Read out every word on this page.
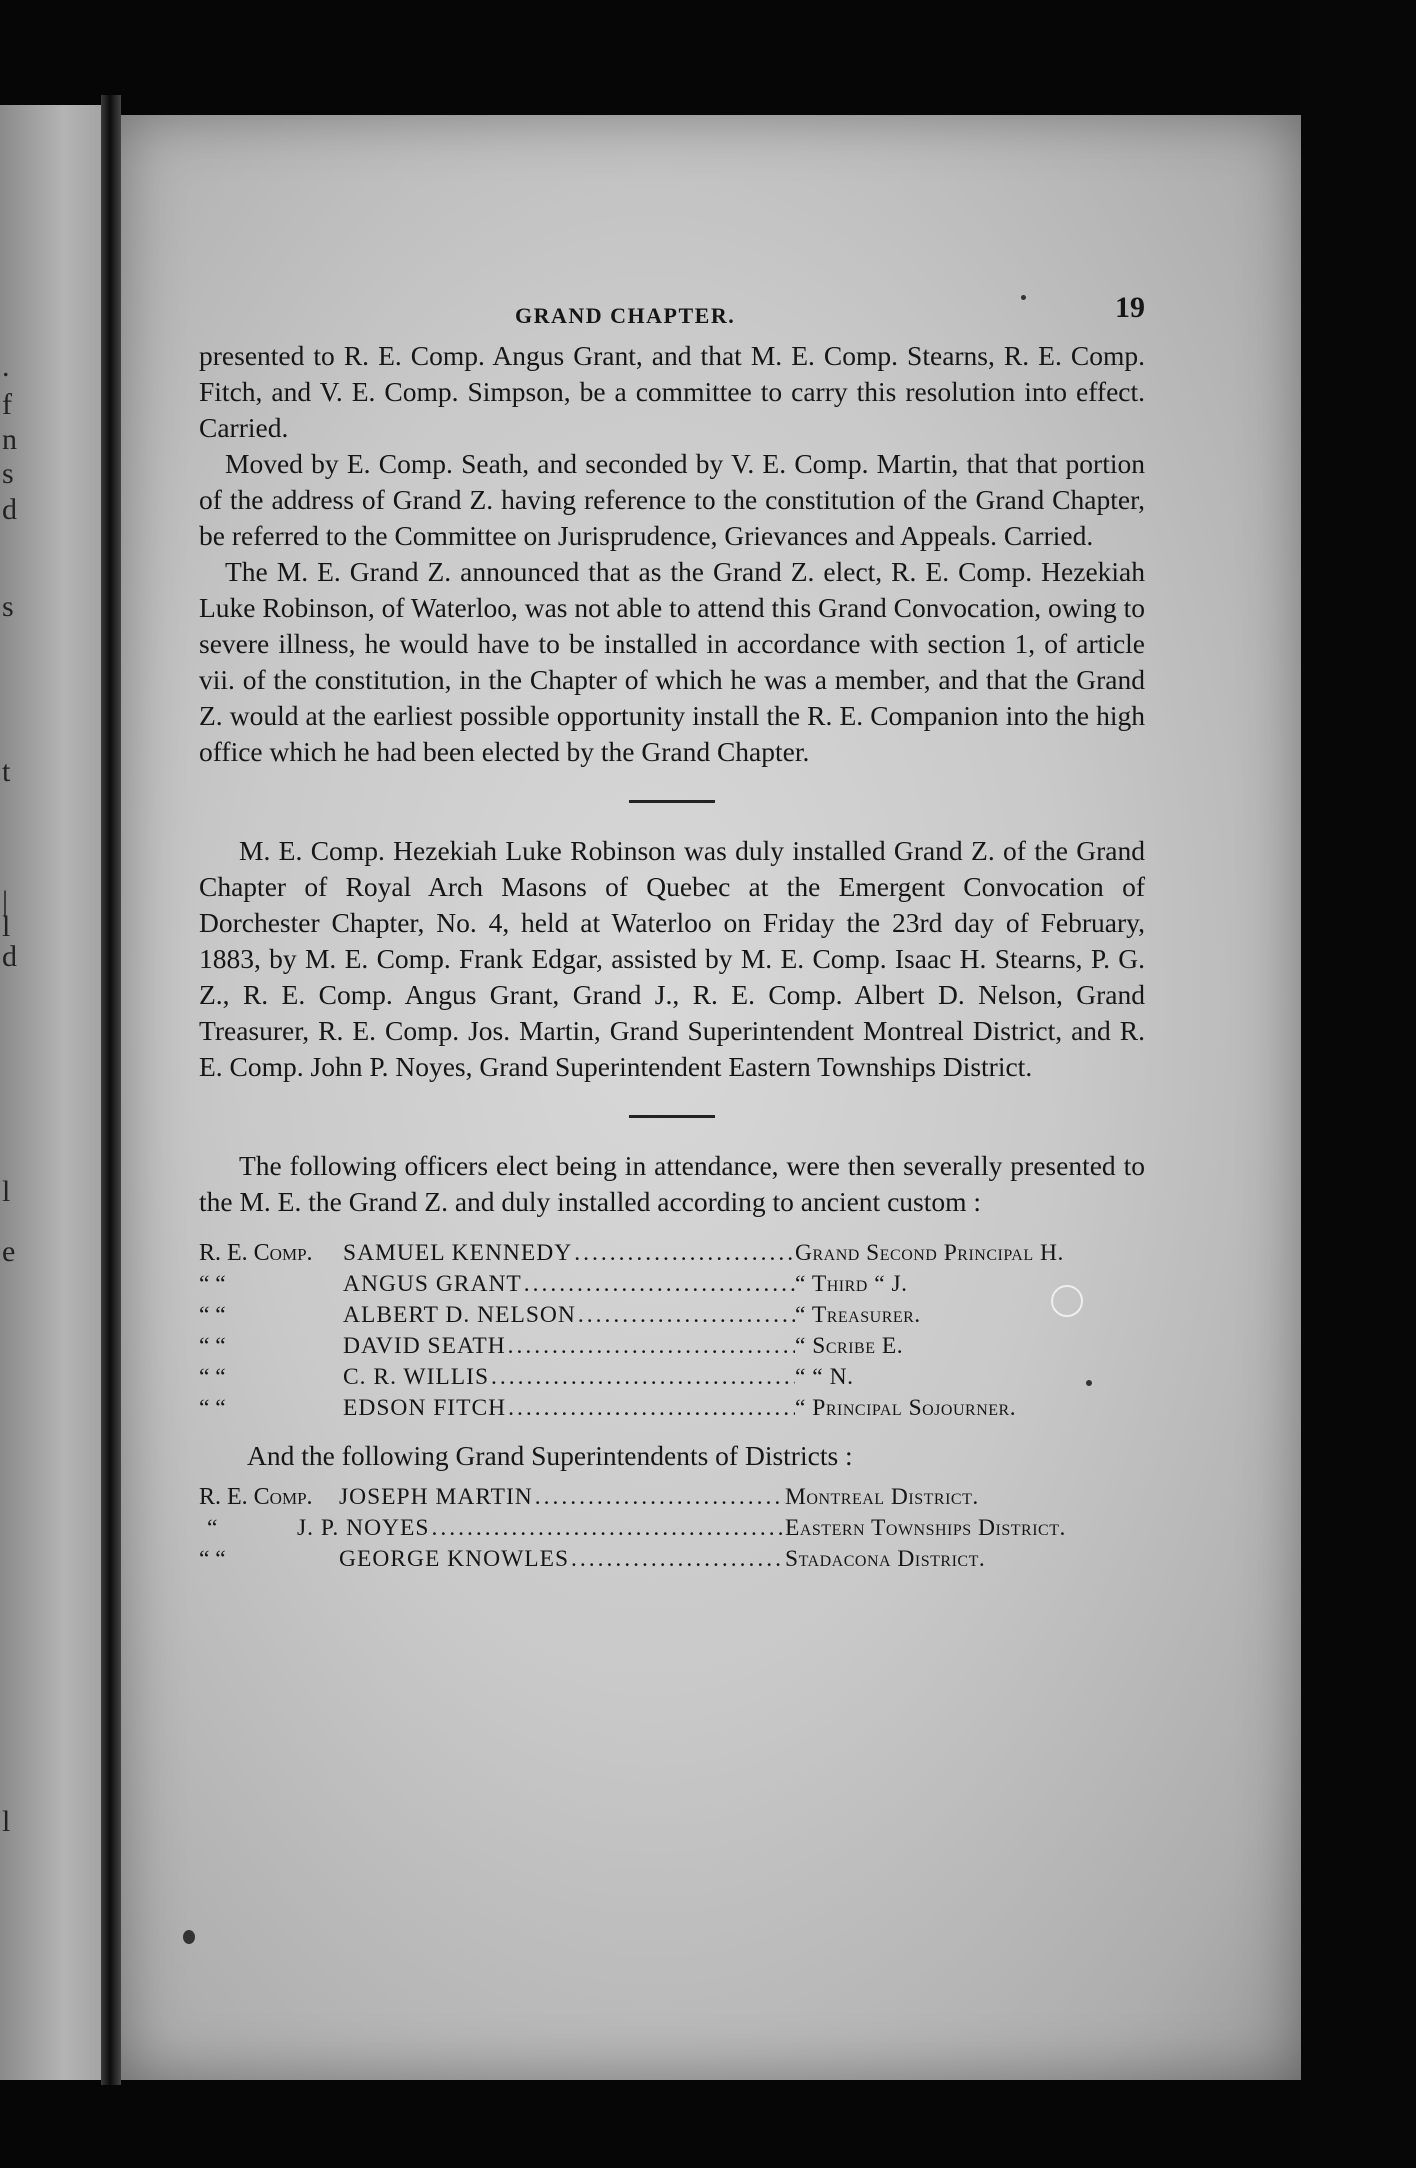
.
f
n
s
d
s
t
|
l
d
l
e
l
GRAND CHAPTER.	19

presented to R. E. Comp. Angus Grant, and that M. E. Comp. Stearns, R. E. Comp. Fitch, and V. E. Comp. Simpson, be a committee to carry this resolution into effect. Carried.

Moved by E. Comp. Seath, and seconded by V. E. Comp. Martin, that that portion of the address of Grand Z. having reference to the constitution of the Grand Chapter, be referred to the Committee on Jurisprudence, Grievances and Appeals. Carried.

The M. E. Grand Z. announced that as the Grand Z. elect, R. E. Comp. Hezekiah Luke Robinson, of Waterloo, was not able to attend this Grand Convocation, owing to severe illness, he would have to be installed in accordance with section 1, of article vii. of the constitution, in the Chapter of which he was a member, and that the Grand Z. would at the earliest possible opportunity install the R. E. Companion into the high office which he had been elected by the Grand Chapter.

M. E. Comp. Hezekiah Luke Robinson was duly installed Grand Z. of the Grand Chapter of Royal Arch Masons of Quebec at the Emergent Convocation of Dorchester Chapter, No. 4, held at Waterloo on Friday the 23rd day of February, 1883, by M. E. Comp. Frank Edgar, assisted by M. E. Comp. Isaac H. Stearns, P. G. Z., R. E. Comp. Angus Grant, Grand J., R. E. Comp. Albert D. Nelson, Grand Treasurer, R. E. Comp. Jos. Martin, Grand Superintendent Montreal District, and R. E. Comp. John P. Noyes, Grand Superintendent Eastern Townships District.

The following officers elect being in attendance, were then severally presented to the M. E. the Grand Z. and duly installed according to ancient custom :

R. E. Comp.	SAMUEL KENNEDY .....	Grand Second Principal H.
“ “	ANGUS GRANT .....	“ Third “ J.
“ “	ALBERT D. NELSON .....	“ Treasurer.
“ “	DAVID SEATH .....	“ Scribe E.
“ “	C. R. WILLIS .....	“ “ N.
“ “	EDSON FITCH .....	“ Principal Sojourner.

And the following Grand Superintendents of Districts :

R. E. Comp.	JOSEPH MARTIN .....	Montreal District.
“	J. P. NOYES .....	Eastern Townships District.
“ “	GEORGE KNOWLES .....	Stadacona District.
